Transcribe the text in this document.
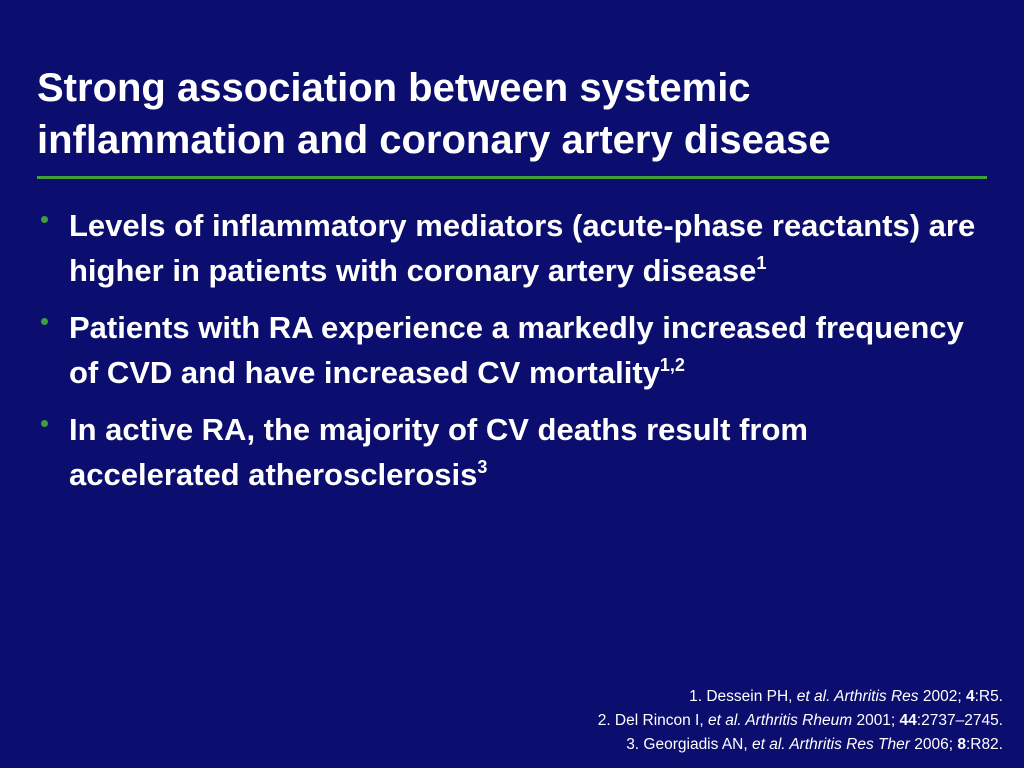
Strong association between systemic
inflammation and coronary artery disease
Levels of inflammatory mediators (acute-phase reactants) are higher in patients with coronary artery disease$^1$
Patients with RA experience a markedly increased frequency of CVD and have increased CV mortality$^{1,2}$
In active RA, the majority of CV deaths result from accelerated atherosclerosis$^3$
1. Dessein PH, et al. Arthritis Res 2002; 4:R5.
2. Del Rincon I, et al. Arthritis Rheum 2001; 44:2737–2745.
3. Georgiadis AN, et al. Arthritis Res Ther 2006; 8:R82.
